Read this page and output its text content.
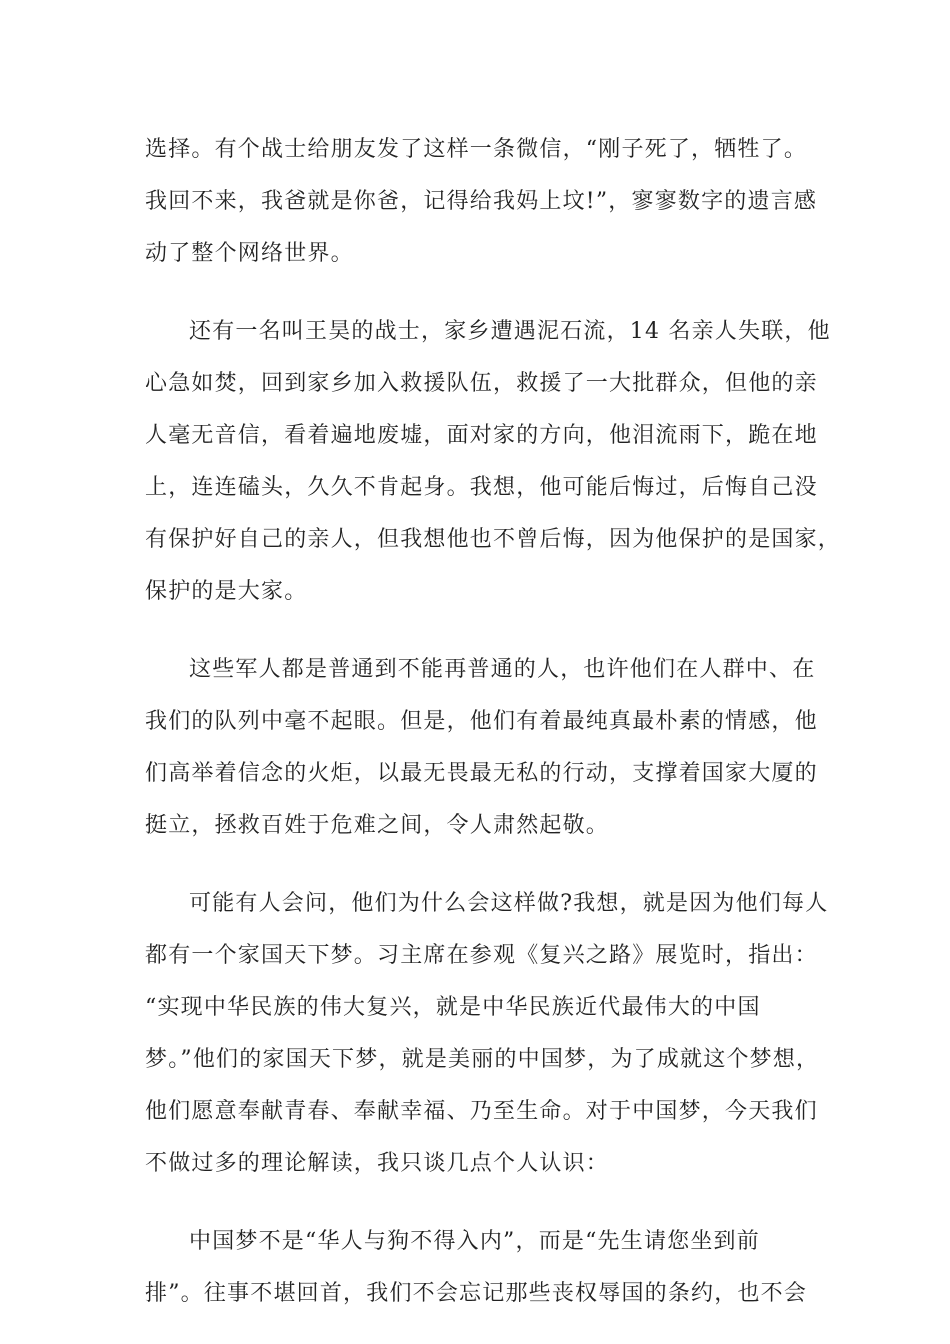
选择。有个战士给朋友发了这样一条微信，“刚子死了，牺牲了。
我回不来，我爸就是你爸，记得给我妈上坟!”，寥寥数字的遗言感
动了整个网络世界。
还有一名叫王昊的战士，家乡遭遇泥石流，14 名亲人失联，他
心急如焚，回到家乡加入救援队伍，救援了一大批群众，但他的亲
人毫无音信，看着遍地废墟，面对家的方向，他泪流雨下，跪在地
上，连连磕头，久久不肯起身。我想，他可能后悔过，后悔自己没
有保护好自己的亲人，但我想他也不曾后悔，因为他保护的是国家，
保护的是大家。
这些军人都是普通到不能再普通的人，也许他们在人群中、在
我们的队列中毫不起眼。但是，他们有着最纯真最朴素的情感，他
们高举着信念的火炬，以最无畏最无私的行动，支撑着国家大厦的
挺立，拯救百姓于危难之间，令人肃然起敬。
可能有人会问，他们为什么会这样做?我想，就是因为他们每人
都有一个家国天下梦。习主席在参观《复兴之路》展览时，指出：
“实现中华民族的伟大复兴，就是中华民族近代最伟大的中国
梦。”他们的家国天下梦，就是美丽的中国梦，为了成就这个梦想，
他们愿意奉献青春、奉献幸福、乃至生命。对于中国梦，今天我们
不做过多的理论解读，我只谈几点个人认识：
中国梦不是“华人与狗不得入内”，而是“先生请您坐到前
排”。往事不堪回首，我们不会忘记那些丧权辱国的条约，也不会
